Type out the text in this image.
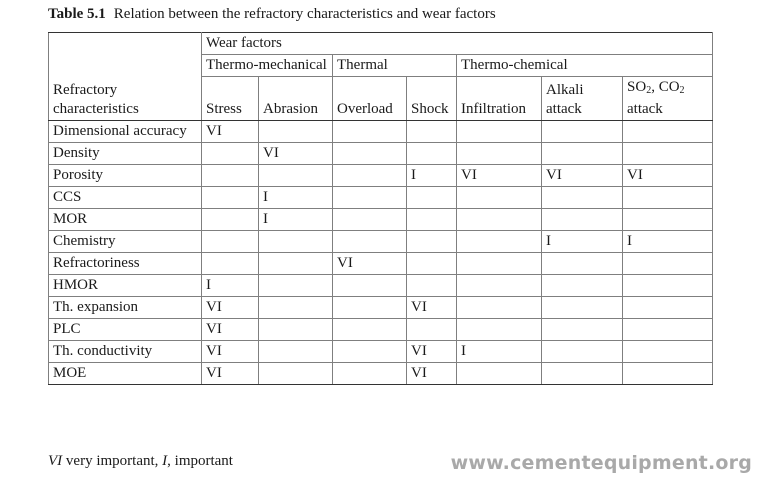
Table 5.1 Relation between the refractory characteristics and wear factors
Refractory characteristics	Wear factors						
	Thermo-mechanical		Thermal		Thermo-chemical		
	Stress	Abrasion	Overload	Shock	Infiltration	Alkali attack	$SO_2$, $CO_2$
attack
Dimensional accuracy	VI						
Density		VI					
Porosity				I	VI	VI	VI
CCS		I					
MOR		I					
Chemistry						I	I
Refractoriness			VI				
HMOR	I						
Th. expansion	VI			VI			
PLC	VI						
Th. conductivity	VI			VI	I		
MOE	VI			VI			
VI very important, I, important	www.cementequipment.org
